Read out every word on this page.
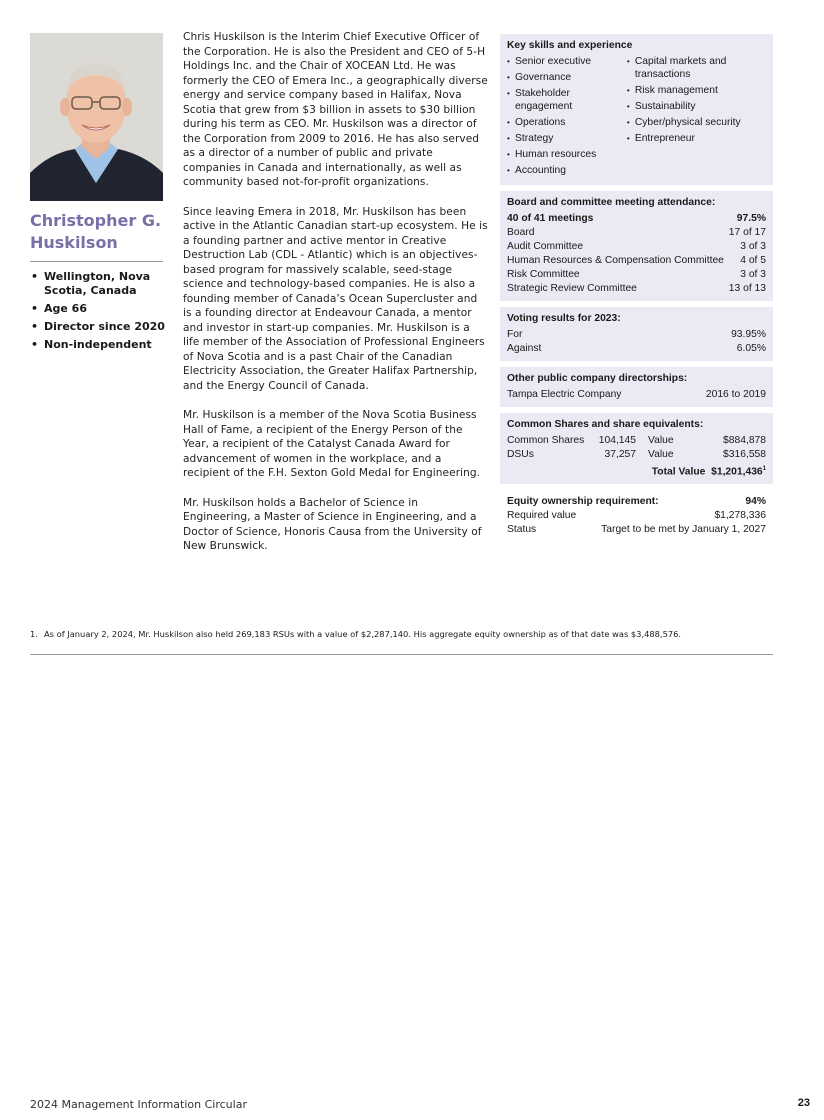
Christopher G.
Huskilson
• Wellington, Nova Scotia, Canada
• Age 66
• Director since 2020
• Non-independent

Chris Huskilson is the Interim Chief Executive Officer of the Corporation. He is also the President and CEO of 5-H Holdings Inc. and the Chair of XOCEAN Ltd. He was formerly the CEO of Emera Inc., a geographically diverse energy and service company based in Halifax, Nova Scotia that grew from $3 billion in assets to $30 billion during his term as CEO. Mr. Huskilson was a director of the Corporation from 2009 to 2016. He has also served as a director of a number of public and private companies in Canada and internationally, as well as community based not-for-profit organizations.

Since leaving Emera in 2018, Mr. Huskilson has been active in the Atlantic Canadian start-up ecosystem. He is a founding partner and active mentor in Creative Destruction Lab (CDL - Atlantic) which is an objectives-based program for massively scalable, seed-stage science and technology-based companies. He is also a founding member of Canada’s Ocean Supercluster and is a founding director at Endeavour Canada, a mentor and investor in start-up companies. Mr. Huskilson is a life member of the Association of Professional Engineers of Nova Scotia and is a past Chair of the Canadian Electricity Association, the Greater Halifax Partnership, and the Energy Council of Canada.

Mr. Huskilson is a member of the Nova Scotia Business Hall of Fame, a recipient of the Energy Person of the Year, a recipient of the Catalyst Canada Award for advancement of women in the workplace, and a recipient of the F.H. Sexton Gold Medal for Engineering.

Mr. Huskilson holds a Bachelor of Science in Engineering, a Master of Science in Engineering, and a Doctor of Science, Honoris Causa from the University of New Brunswick.

Key skills and experience
• Senior executive
• Governance
• Stakeholder engagement
• Operations
• Strategy
• Human resources
• Accounting
• Capital markets and transactions
• Risk management
• Sustainability
• Cyber/physical security
• Entrepreneur
Board and committee meeting attendance:
40 of 41 meetings	97.5%
Board	17 of 17
Audit Committee	3 of 3
Human Resources & Compensation Committee 4 of 5
Risk Committee	3 of 3
Strategic Review Committee	13 of 13
Voting results for 2023:
For	93.95%
Against	6.05%
Other public company directorships:
Tampa Electric Company	2016 to 2019
Common Shares and share equivalents:
Common Shares	104,145	Value	$884,878
DSUs	37,257	Value	$316,558
Total Value $1,201,436$^1$
Equity ownership requirement:	94%
Required value	$1,278,336
Status	Target to be met by January 1, 2027
1. As of January 2, 2024, Mr. Huskilson also held 269,183 RSUs with a value of $2,287,140. His aggregate equity ownership as of that date was $3,488,576.
2024 Management Information Circular	23
